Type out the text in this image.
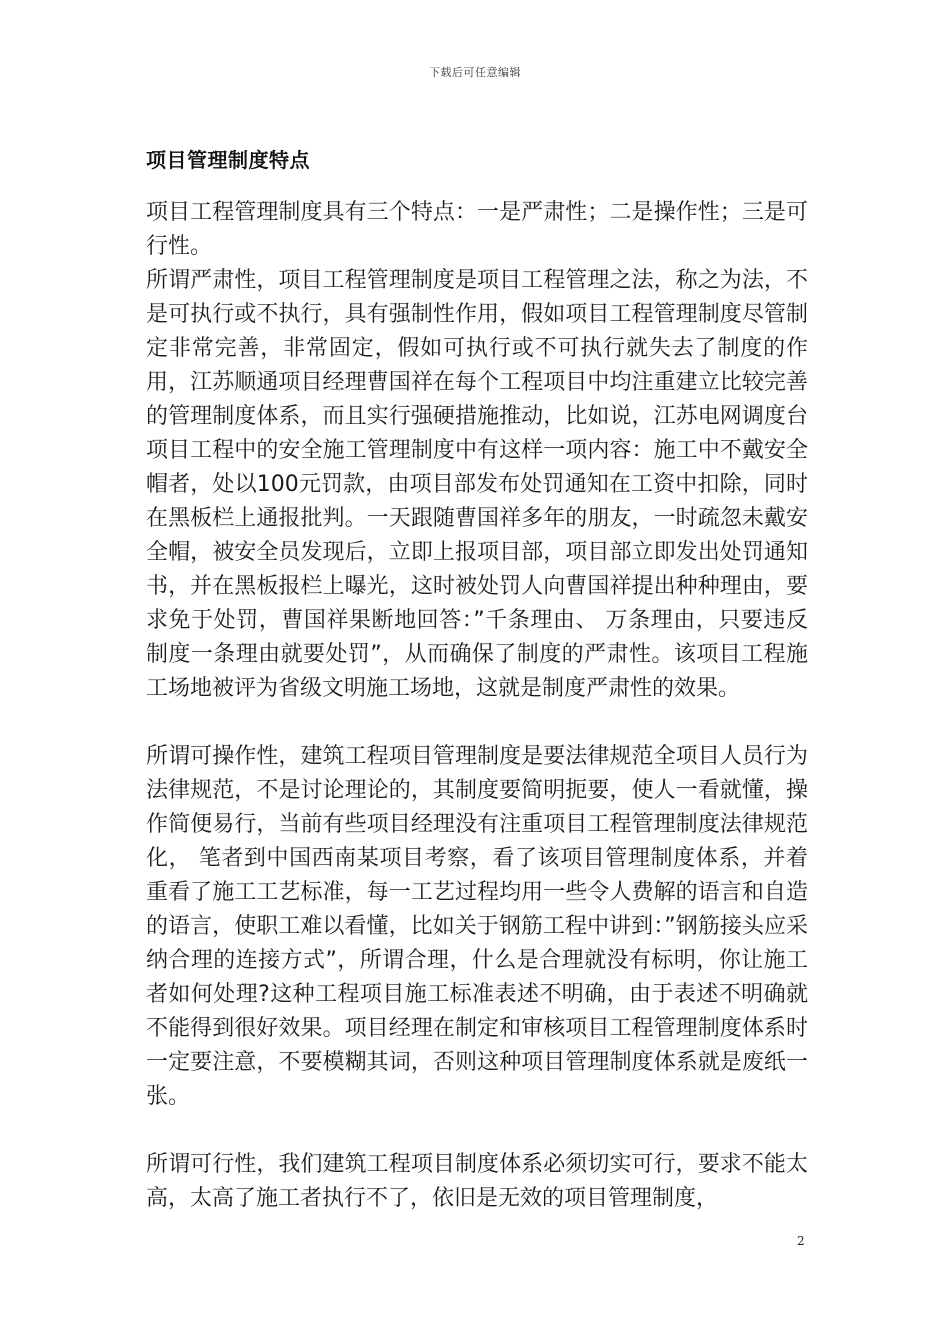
下载后可任意编辑
项目管理制度特点

项目工程管理制度具有三个特点：一是严肃性；二是操作性；三是可行性。

所谓严肃性，项目工程管理制度是项目工程管理之法，称之为法，不是可执行或不执行，具有强制性作用，假如项目工程管理制度尽管制定非常完善，非常固定，假如可执行或不可执行就失去了制度的作用，江苏顺通项目经理曹国祥在每个工程项目中均注重建立比较完善的管理制度体系，而且实行强硬措施推动，比如说，江苏电网调度台项目工程中的安全施工管理制度中有这样一项内容：施工中不戴安全帽者，处以100元罚款，由项目部发布处罚通知在工资中扣除，同时在黑板栏上通报批判。一天跟随曹国祥多年的朋友，一时疏忽未戴安全帽，被安全员发现后，立即上报项目部，项目部立即发出处罚通知书，并在黑板报栏上曝光，这时被处罚人向曹国祥提出种种理由，要求免于处罚，曹国祥果断地回答：”千条理由、 万条理由，只要违反制度一条理由就要处罚”，从而确保了制度的严肃性。该项目工程施工场地被评为省级文明施工场地，这就是制度严肃性的效果。

所谓可操作性，建筑工程项目管理制度是要法律规范全项目人员行为法律规范，不是讨论理论的，其制度要简明扼要，使人一看就懂，操作简便易行，当前有些项目经理没有注重项目工程管理制度法律规范化， 笔者到中国西南某项目考察，看了该项目管理制度体系，并着重看了施工工艺标准，每一工艺过程均用一些令人费解的语言和自造的语言，使职工难以看懂，比如关于钢筋工程中讲到：”钢筋接头应采纳合理的连接方式”，所谓合理，什么是合理就没有标明，你让施工者如何处理?这种工程项目施工标准表述不明确，由于表述不明确就不能得到很好效果。项目经理在制定和审核项目工程管理制度体系时一定要注意，不要模糊其词，否则这种项目管理制度体系就是废纸一张。

所谓可行性，我们建筑工程项目制度体系必须切实可行，要求不能太高，太高了施工者执行不了，依旧是无效的项目管理制度，

2
